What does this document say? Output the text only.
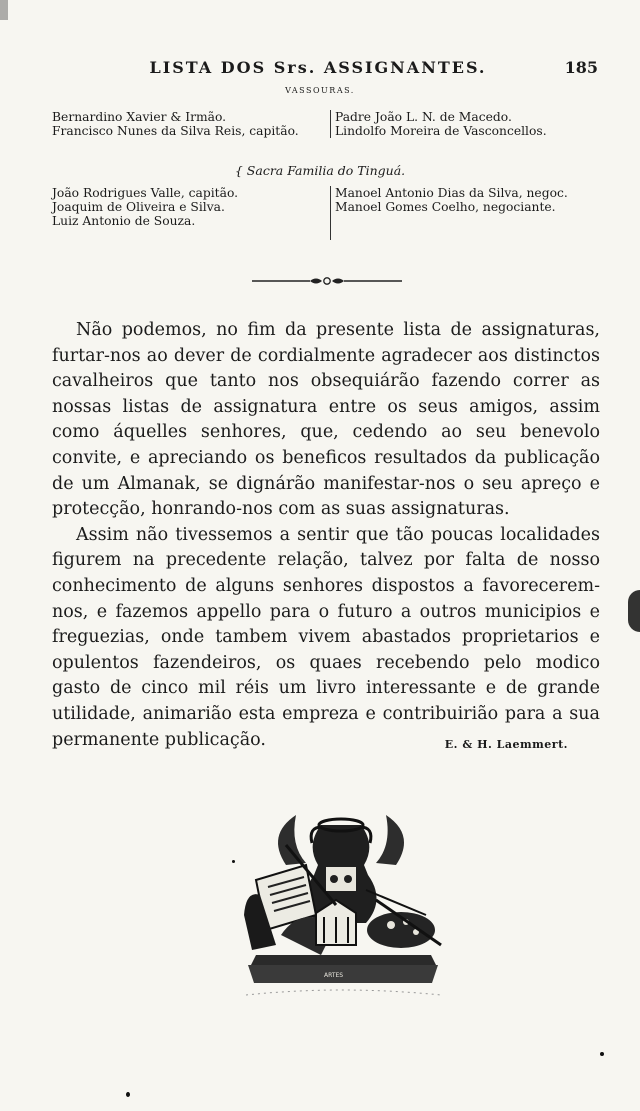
LISTA DOS Srs. ASSIGNANTES.	185
VASSOURAS.
Bernardino Xavier & Irmão.
Francisco Nunes da Silva Reis, capitão.
Padre João L. N. de Macedo.
Lindolfo Moreira de Vasconcellos.
{ Sacra Familia do Tinguá.
João Rodrigues Valle, capitão.
Joaquim de Oliveira e Silva.
Luiz Antonio de Souza.
Manoel Antonio Dias da Silva, negoc.
Manoel Gomes Coelho, negociante.

Não podemos, no fim da presente lista de assignaturas, furtar-nos ao dever de cordialmente agradecer aos distinctos cavalheiros que tanto nos obsequiárão fazendo correr as nossas listas de assignatura entre os seus amigos, assim como áquelles senhores, que, cedendo ao seu benevolo convite, e apreciando os beneficos resultados da publicação de um Almanak, se dignárão manifestar-nos o seu apreço e protecção, honrando-nos com as suas assignaturas.

Assim não tivessemos a sentir que tão poucas localidades figurem na precedente relação, talvez por falta de nosso conhecimento de alguns senhores dispostos a favorecerem-nos, e fazemos appello para o futuro a outros municipios e freguezias, onde tambem vivem abastados proprietarios e opulentos fazendeiros, os quaes recebendo pelo modico gasto de cinco mil réis um livro interessante e de grande utilidade, animarião esta empreza e contribuirião para a sua permanente publicação.	E. & H. Laemmert.
ARTES
